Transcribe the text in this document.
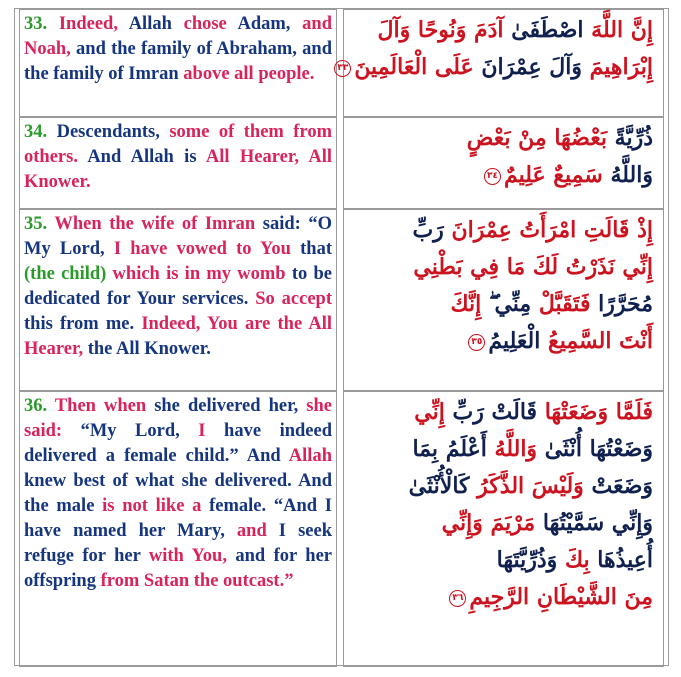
33. Indeed, Allah chose Adam, and Noah, and the family of Abraham, and the family of Imran above all people.
إِنَّ اللَّهَ اصْطَفَىٰ آدَمَ وَنُوحًا وَآلَ
إِبْرَاهِيمَ وَآلَ عِمْرَانَ عَلَى الْعَالَمِينَ٣٣
34. Descendants, some of them from others. And Allah is All Hearer, All Knower.
ذُرِّيَّةً بَعْضُهَا مِنْ بَعْضٍ
وَاللَّهُ سَمِيعٌ عَلِيمٌ٣٤
35. When the wife of Imran said: “O My Lord, I have vowed to You that (the child) which is in my womb to be dedicated for Your services. So accept this from me. Indeed, You are the All Hearer, the All Knower.
إِذْ قَالَتِ امْرَأَتُ عِمْرَانَ رَبِّ
إِنِّي نَذَرْتُ لَكَ مَا فِي بَطْنِي
مُحَرَّرًا فَتَقَبَّلْ مِنِّي ۖ إِنَّكَ
أَنْتَ السَّمِيعُ الْعَلِيمُ٣٥
36. Then when she delivered her, she said: “My Lord, I have indeed delivered a female child.” And Allah knew best of what she delivered. And the male is not like a female. “And I have named her Mary, and I seek refuge for her with You, and for her offspring from Satan the outcast.”
فَلَمَّا وَضَعَتْهَا قَالَتْ رَبِّ إِنِّي
وَضَعْتُهَا أُنْثَىٰ وَاللَّهُ أَعْلَمُ بِمَا
وَضَعَتْ وَلَيْسَ الذَّكَرُ كَالْأُنْثَىٰ
وَإِنِّي سَمَّيْتُهَا مَرْيَمَ وَإِنِّي
أُعِيذُهَا بِكَ وَذُرِّيَّتَهَا
مِنَ الشَّيْطَانِ الرَّجِيمِ٣٦
